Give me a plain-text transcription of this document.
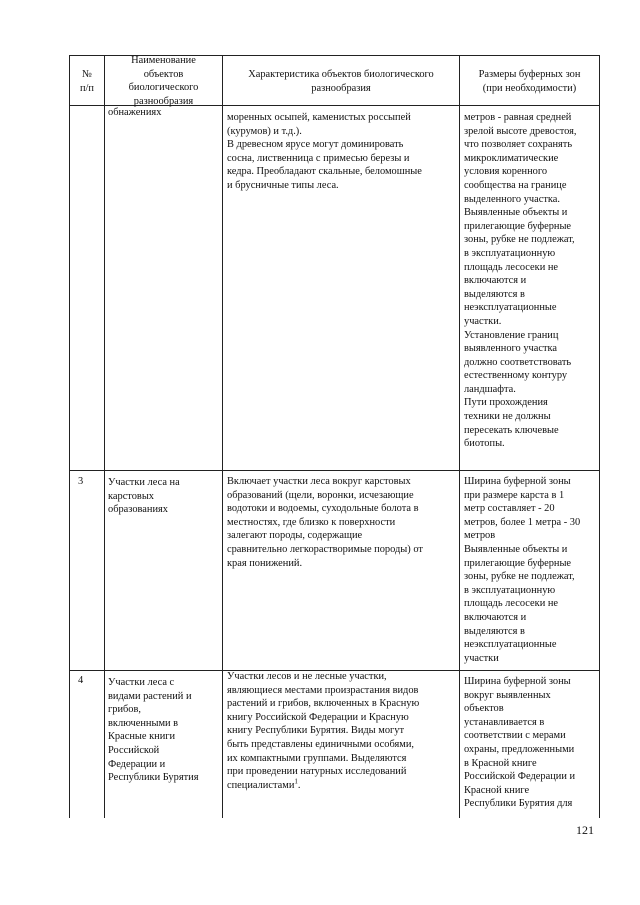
№
п/п
Наименование
объектов
биологического
разнообразия
Характеристика объектов биологического
разнообразия
Размеры буферных зон
(при необходимости)
обнажениях	моренных осыпей, каменистых россыпей
(курумов) и т.д.).
В древесном ярусе могут доминировать
сосна, лиственница с примесью березы и
кедра. Преобладают скальные, беломошные
и брусничные типы леса.
метров - равная средней
зрелой высоте древостоя,
что позволяет сохранять
микроклиматические
условия коренного
сообщества на границе
выделенного участка.
Выявленные объекты и
прилегающие буферные
зоны, рубке не подлежат,
в эксплуатационную
площадь лесосеки не
включаются и
выделяются в
неэксплуатационные
участки.
Установление границ
выявленного участка
должно соответствовать
естественному контуру
ландшафта.
Пути прохождения
техники не должны
пересекать ключевые
биотопы.
3 Участки леса на
карстовых
образованиях
Включает участки леса вокруг карстовых
образований (щели, воронки, исчезающие
водотоки и водоемы, суходольные болота в
местностях, где близко к поверхности
залегают породы, содержащие
сравнительно легкорастворимые породы) от
края понижений.
Ширина буферной зоны
при размере карста в 1
метр составляет - 20
метров, более 1 метра - 30
метров
Выявленные объекты и
прилегающие буферные
зоны, рубке не подлежат,
в эксплуатационную
площадь лесосеки не
включаются и
выделяются в
неэксплуатационные
участки
4 Участки леса с
видами растений и
грибов,
включенными в
Красные книги
Российской
Федерации и
Республики Бурятия
Участки лесов и не лесные участки,
являющиеся местами произрастания видов
растений и грибов, включенных в Красную
книгу Российской Федерации и Красную
книгу Республики Бурятия. Виды могут
быть представлены единичными особями,
их компактными группами. Выделяются
при проведении натурных исследований
специалистами$^1$.
Ширина буферной зоны
вокруг выявленных
объектов
устанавливается в
соответствии с мерами
охраны, предложенными
в Красной книге
Российской Федерации и
Красной книге
Республики Бурятия для
121
